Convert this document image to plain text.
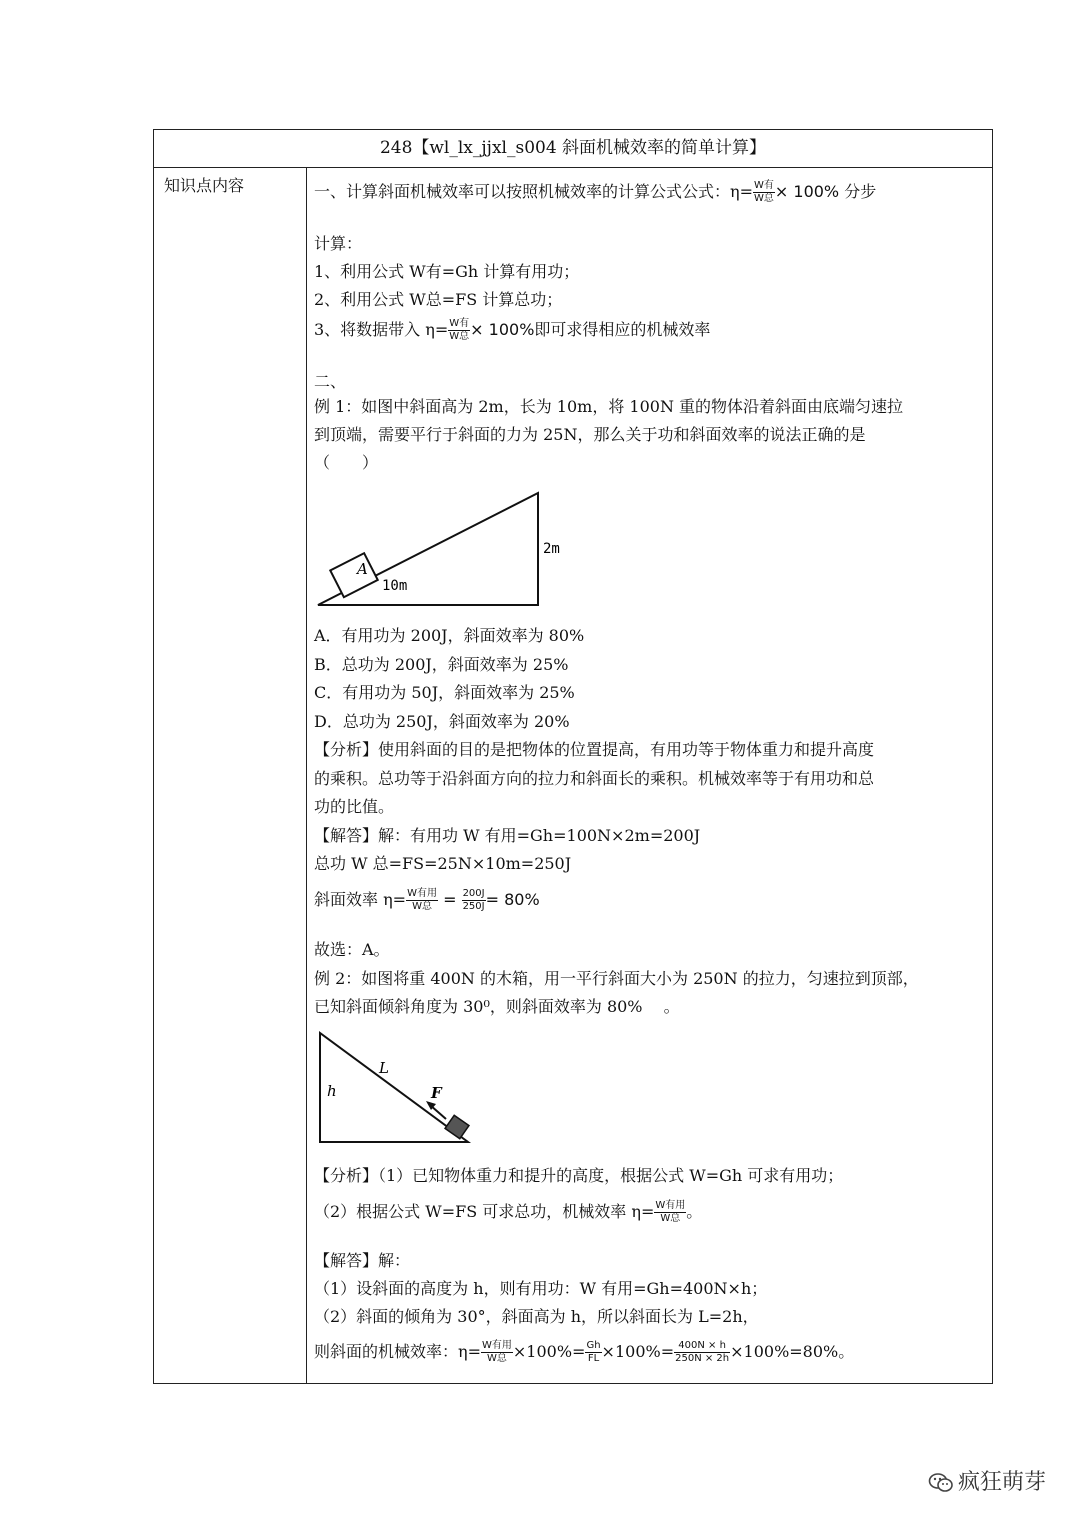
248【wl_lx_jjxl_s004 斜面机械效率的简单计算】
知识点内容	一、计算斜面机械效率可以按照机械效率的计算公式公式：$\eta= \frac{\text{W有}}{\text{W总}} \times 100\%$ 分步
计算：
1、利用公式 W有=Gh 计算有用功；
2、利用公式 W总=FS 计算总功；
3、将数据带入 $\eta= \frac{\text{W有}}{\text{W总}} \times 100\%$即可求得相应的机械效率
二、
例 1：如图中斜面高为 2m，长为 10m，将 100N 重的物体沿着斜面由底端匀速拉
到顶端，需要平行于斜面的力为 25N，那么关于功和斜面效率的说法正确的是
（　　）
A
10m
2m
A．有用功为 200J，斜面效率为 80%
B．总功为 200J，斜面效率为 25%
C．有用功为 50J，斜面效率为 25%
D．总功为 250J，斜面效率为 20%
【分析】使用斜面的目的是把物体的位置提高，有用功等于物体重力和提升高度
的乘积。总功等于沿斜面方向的拉力和斜面长的乘积。机械效率等于有用功和总
功的比值。
【解答】解：有用功 W 有用=Gh=100N×2m=200J
总功 W 总=FS=25N×10m=250J
斜面效率 $\eta= \frac{\text{W有用}}{\text{W总}} = \frac{200J}{250J} = 80\%$
故选：A。
例 2：如图将重 400N 的木箱，用一平行斜面大小为 250N 的拉力，匀速拉到顶部，
已知斜面倾斜角度为 30⁰，则斜面效率为 80%　 。
L
h	F
【分析】（1）已知物体重力和提升的高度，根据公式 W=Gh 可求有用功；
（2）根据公式 W=FS 可求总功，机械效率 $\eta= \frac{\text{W有用}}{\text{W总}}$ 。
【解答】解：
（1）设斜面的高度为 h，则有用功：W 有用=Gh=400N×h；
（2）斜面的倾角为 30°，斜面高为 h，所以斜面长为 L=2h，
则斜面的机械效率：$\eta= \frac{\text{W有用}}{\text{W总}} \times 100\%= \frac{Gh}{FL} \times 100\%= \frac{400N \times h}{250N \times 2h} \times 100\%=80\%$。
疯狂萌芽
